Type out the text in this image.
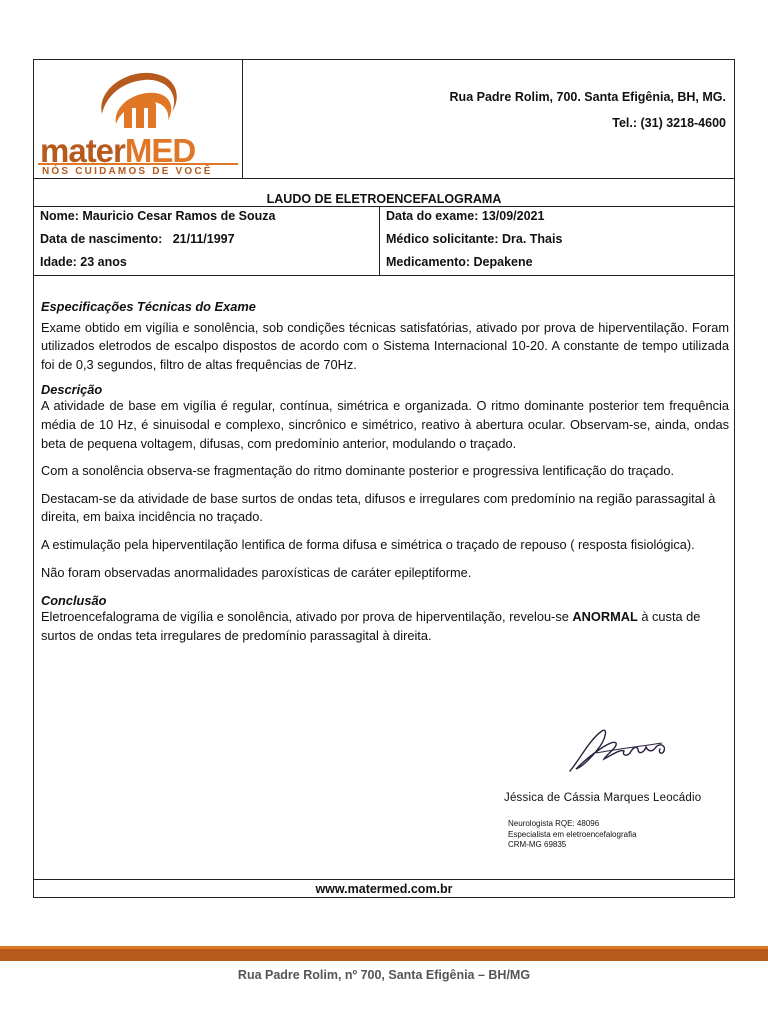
materMED
NÓS CUIDAMOS DE VOCÊ
Rua Padre Rolim, 700. Santa Efigênia, BH, MG.
Tel.: (31) 3218-4600
LAUDO DE ELETROENCEFALOGRAMA
Nome: Mauricio Cesar Ramos de Souza
Data de nascimento: 21/11/1997
Idade: 23 anos
Data do exame: 13/09/2021
Médico solicitante: Dra. Thais
Medicamento: Depakene

Especificações Técnicas do Exame

Exame obtido em vigília e sonolência, sob condições técnicas satisfatórias, ativado por prova de hiperventilação. Foram utilizados eletrodos de escalpo dispostos de acordo com o Sistema Internacional 10-20. A constante de tempo utilizada foi de 0,3 segundos, filtro de altas frequências de 70Hz.

Descrição

A atividade de base em vigília é regular, contínua, simétrica e organizada. O ritmo dominante posterior tem frequência média de 10 Hz, é sinuisodal e complexo, sincrônico e simétrico, reativo à abertura ocular. Observam-se, ainda, ondas beta de pequena voltagem, difusas, com predomínio anterior, modulando o traçado.

Com a sonolência observa-se fragmentação do ritmo dominante posterior e progressiva lentificação do traçado.

Destacam-se da atividade de base surtos de ondas teta, difusos e irregulares com predomínio na região parassagital à direita, em baixa incidência no traçado.

A estimulação pela hiperventilação lentifica de forma difusa e simétrica o traçado de repouso ( resposta fisiológica).

Não foram observadas anormalidades paroxísticas de caráter epileptiforme.

Conclusão

Eletroencefalograma de vigília e sonolência, ativado por prova de hiperventilação, revelou-se ANORMAL à custa de surtos de ondas teta irregulares de predomínio parassagital à direita.

Jéssica de Cássia Marques Leocádio
Neurologista RQE: 48096
Especialista em eletroencefalografia
CRM-MG 69835
www.matermed.com.br
Rua Padre Rolim, nº 700, Santa Efigênia – BH/MG
